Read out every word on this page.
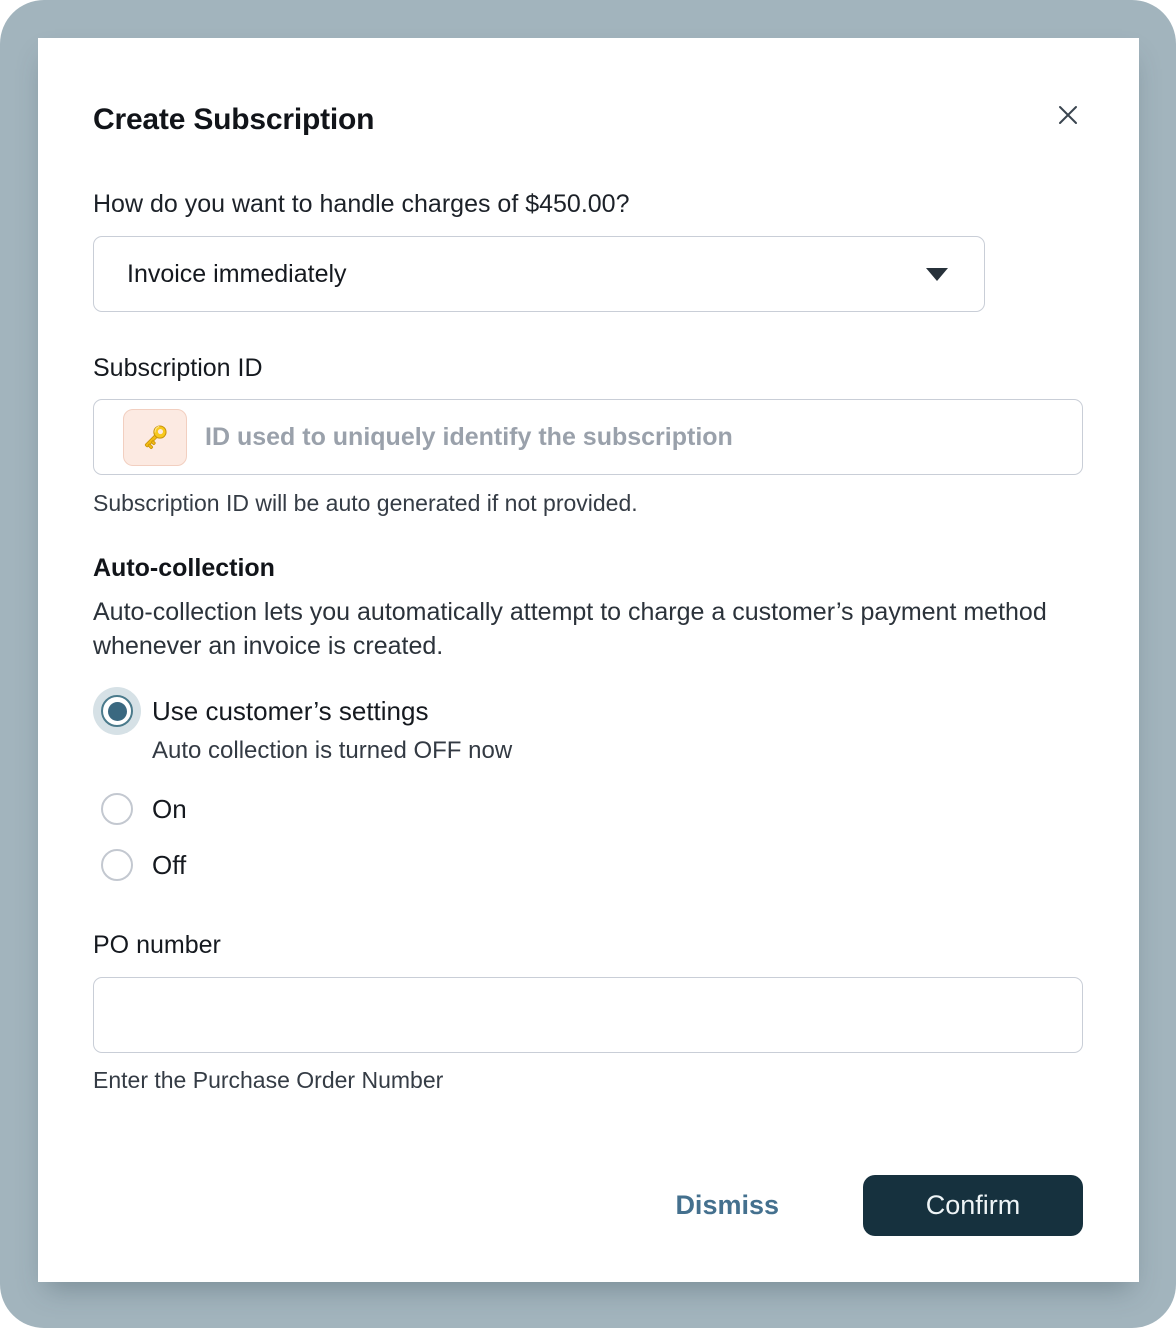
Create Subscription

How do you want to handle charges of $450.00?

Invoice immediately
Subscription ID
ID used to uniquely identify the subscription

Subscription ID will be auto generated if not provided.

Auto-collection

Auto-collection lets you automatically attempt to charge a customer’s payment method whenever an invoice is created.

Use customer’s settings
Auto collection is turned OFF now
On
Off
PO number

Enter the Purchase Order Number

Dismiss	Confirm
